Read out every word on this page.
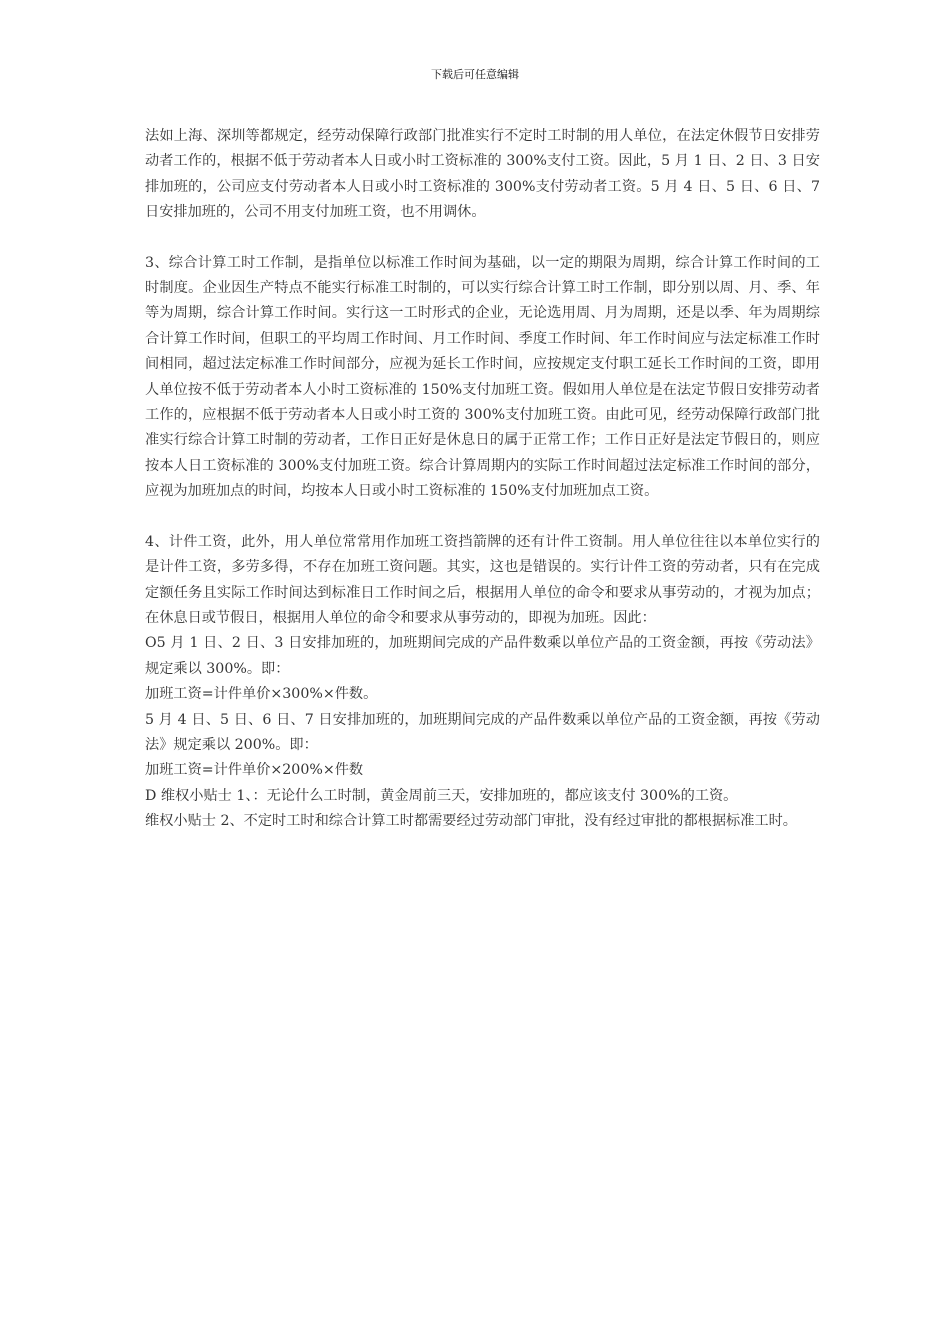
下载后可任意编辑

法如上海、深圳等都规定，经劳动保障行政部门批准实行不定时工时制的用人单位，在法定休假节日安排劳动者工作的，根据不低于劳动者本人日或小时工资标准的 300%支付工资。因此，5 月 1 日、2 日、3 日安排加班的，公司应支付劳动者本人日或小时工资标准的 300%支付劳动者工资。5 月 4 日、5 日、6 日、7 日安排加班的，公司不用支付加班工资，也不用调休。

3、综合计算工时工作制，是指单位以标准工作时间为基础，以一定的期限为周期，综合计算工作时间的工时制度。企业因生产特点不能实行标准工时制的，可以实行综合计算工时工作制，即分别以周、月、季、年等为周期，综合计算工作时间。实行这一工时形式的企业，无论选用周、月为周期，还是以季、年为周期综合计算工作时间，但职工的平均周工作时间、月工作时间、季度工作时间、年工作时间应与法定标准工作时间相同，超过法定标准工作时间部分，应视为延长工作时间，应按规定支付职工延长工作时间的工资，即用人单位按不低于劳动者本人小时工资标准的 150%支付加班工资。假如用人单位是在法定节假日安排劳动者工作的，应根据不低于劳动者本人日或小时工资的 300%支付加班工资。由此可见，经劳动保障行政部门批准实行综合计算工时制的劳动者，工作日正好是休息日的属于正常工作；工作日正好是法定节假日的，则应按本人日工资标准的 300%支付加班工资。综合计算周期内的实际工作时间超过法定标准工作时间的部分，应视为加班加点的时间，均按本人日或小时工资标准的 150%支付加班加点工资。

4、计件工资，此外，用人单位常常用作加班工资挡箭牌的还有计件工资制。用人单位往往以本单位实行的是计件工资，多劳多得，不存在加班工资问题。其实，这也是错误的。实行计件工资的劳动者，只有在完成定额任务且实际工作时间达到标准日工作时间之后，根据用人单位的命令和要求从事劳动的，才视为加点；在休息日或节假日，根据用人单位的命令和要求从事劳动的，即视为加班。因此：

O5 月 1 日、2 日、3 日安排加班的，加班期间完成的产品件数乘以单位产品的工资金额，再按《劳动法》规定乘以 300%。即：

加班工资=计件单价×300%×件数。

5 月 4 日、5 日、6 日、7 日安排加班的，加班期间完成的产品件数乘以单位产品的工资金额，再按《劳动法》规定乘以 200%。即：

加班工资=计件单价×200%×件数

D 维权小贴士 1、：无论什么工时制，黄金周前三天，安排加班的，都应该支付 300%的工资。

维权小贴士 2、不定时工时和综合计算工时都需要经过劳动部门审批，没有经过审批的都根据标准工时。
